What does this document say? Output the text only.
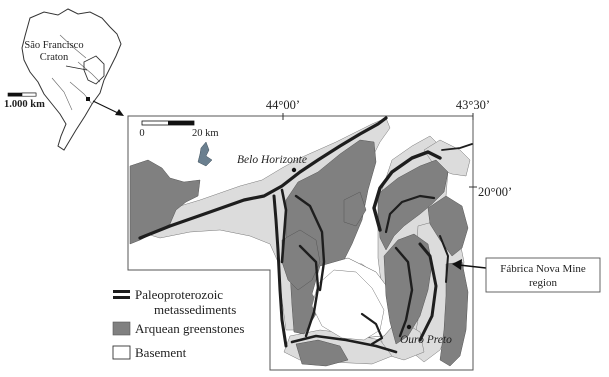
São Francisco
Craton
1.000 km	44°00’	43°30’
20°00’
0	20 km
Belo Horizonte
Ouro Preto
Fábrica Nova Mine
region
Paleoproterozoic
metassediments
Arquean greenstones
Basement
